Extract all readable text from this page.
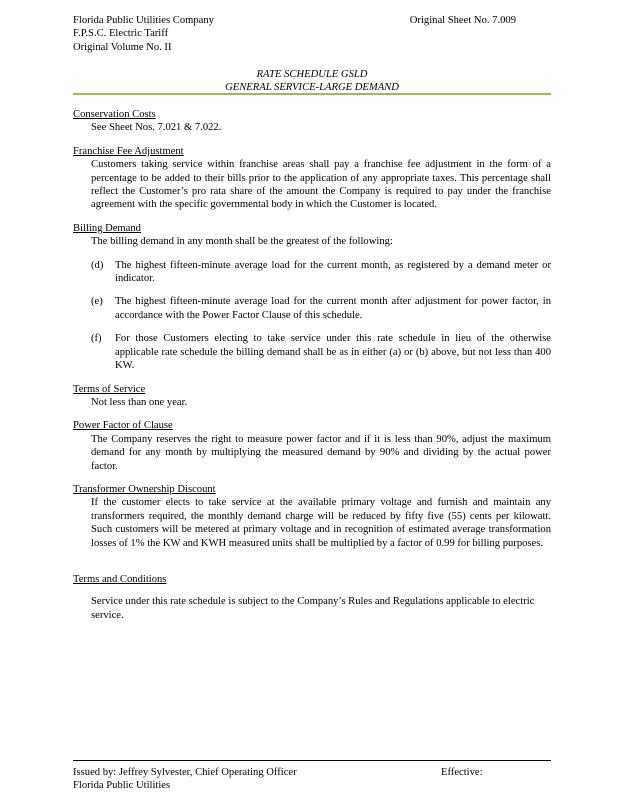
Florida Public Utilities Company
F.P.S.C. Electric Tariff
Original Volume No. II
Original Sheet No. 7.009
RATE SCHEDULE GSLD
GENERAL SERVICE-LARGE DEMAND
Conservation Costs
See Sheet Nos. 7.021 & 7.022.
Franchise Fee Adjustment
Customers taking service within franchise areas shall pay a franchise fee adjustment in the form of a percentage to be added to their bills prior to the application of any appropriate taxes. This percentage shall reflect the Customer’s pro rata share of the amount the Company is required to pay under the franchise agreement with the specific governmental body in which the Customer is located.
Billing Demand
The billing demand in any month shall be the greatest of the following:
(d)	The highest fifteen-minute average load for the current month, as registered by a demand meter or indicator.
(e)	The highest fifteen-minute average load for the current month after adjustment for power factor, in accordance with the Power Factor Clause of this schedule.
(f)	For those Customers electing to take service under this rate schedule in lieu of the otherwise applicable rate schedule the billing demand shall be as in either (a) or (b) above, but not less than 400 KW.
Terms of Service
Not less than one year.
Power Factor of Clause
The Company reserves the right to measure power factor and if it is less than 90%, adjust the maximum demand for any month by multiplying the measured demand by 90% and dividing by the actual power factor.
Transformer Ownership Discount
If the customer elects to take service at the available primary voltage and furnish and maintain any transformers required, the monthly demand charge will be reduced by fifty five (55) cents per kilowatt. Such customers will be metered at primary voltage and in recognition of estimated average transformation losses of 1% the KW and KWH measured units shall be multiplied by a factor of 0.99 for billing purposes.
Terms and Conditions
Service under this rate schedule is subject to the Company’s Rules and Regulations applicable to electric service.
Issued by: Jeffrey Sylvester, Chief Operating Officer
Florida Public Utilities
Effective:
